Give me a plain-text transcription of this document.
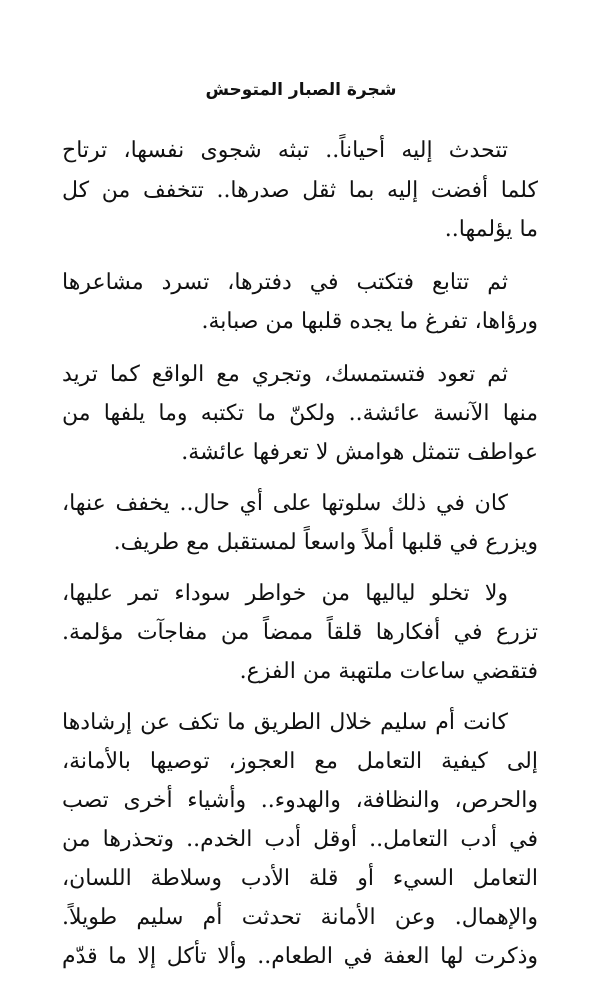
شجرة الصبار المتوحش
تتحدث إليه أحياناً.. تبثه شجوى نفسها، ترتاح
كلما أفضت إليه بما ثقل صدرها.. تتخفف من كل
ما يؤلمها..
ثم تتابع فتكتب في دفترها، تسرد مشاعرها
ورؤاها، تفرغ ما يجده قلبها من صبابة.
ثم تعود فتستمسك، وتجري مع الواقع كما تريد
منها الآنسة عائشة.. ولكنّ ما تكتبه وما يلفها من
عواطف تتمثل هوامش لا تعرفها عائشة.
كان في ذلك سلوتها على أي حال.. يخفف عنها،
ويزرع في قلبها أملاً واسعاً لمستقبل مع طريف.
ولا تخلو لياليها من خواطر سوداء تمر عليها،
تزرع في أفكارها قلقاً ممضاً من مفاجآت مؤلمة.
فتقضي ساعات ملتهبة من الفزع.
كانت أم سليم خلال الطريق ما تكف عن إرشادها
إلى كيفية التعامل مع العجوز، توصيها بالأمانة،
والحرص، والنظافة، والهدوء.. وأشياء أخرى تصب
في أدب التعامل.. أوقل أدب الخدم.. وتحذرها من
التعامل السيء أو قلة الأدب وسلاطة اللسان،
والإهمال. وعن الأمانة تحدثت أم سليم طويلاً.
وذكرت لها العفة في الطعام.. وألا تأكل إلا ما قدّم
